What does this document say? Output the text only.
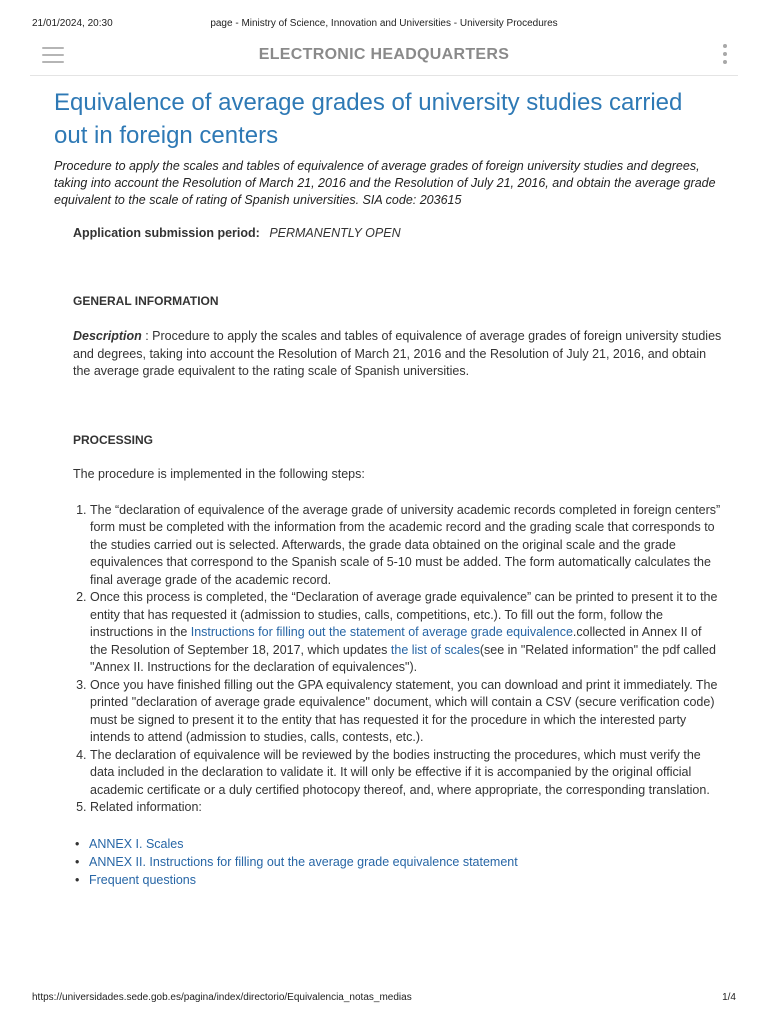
21/01/2024, 20:30	page - Ministry of Science, Innovation and Universities - University Procedures
ELECTRONIC HEADQUARTERS
Equivalence of average grades of university studies carried out in foreign centers

Procedure to apply the scales and tables of equivalence of average grades of foreign university studies and degrees, taking into account the Resolution of March 21, 2016 and the Resolution of July 21, 2016, and obtain the average grade equivalent to the scale of rating of Spanish universities. SIA code: 203615

Application submission period: PERMANENTLY OPEN
GENERAL INFORMATION

Description : Procedure to apply the scales and tables of equivalence of average grades of foreign university studies and degrees, taking into account the Resolution of March 21, 2016 and the Resolution of July 21, 2016, and obtain the average grade equivalent to the rating scale of Spanish universities.

PROCESSING

The procedure is implemented in the following steps:

1. The “declaration of equivalence of the average grade of university academic records completed in foreign centers” form must be completed with the information from the academic record and the grading scale that corresponds to the studies carried out is selected. Afterwards, the grade data obtained on the original scale and the grade equivalences that correspond to the Spanish scale of 5-10 must be added. The form automatically calculates the final average grade of the academic record.
2. Once this process is completed, the “Declaration of average grade equivalence” can be printed to present it to the entity that has requested it (admission to studies, calls, competitions, etc.). To fill out the form, follow the instructions in the Instructions for filling out the statement of average grade equivalence.collected in Annex II of the Resolution of September 18, 2017, which updates the list of scales(see in "Related information" the pdf called "Annex II. Instructions for the declaration of equivalences").
3. Once you have finished filling out the GPA equivalency statement, you can download and print it immediately. The printed "declaration of average grade equivalence" document, which will contain a CSV (secure verification code) must be signed to present it to the entity that has requested it for the procedure in which the interested party intends to attend (admission to studies, calls, contests, etc.).
4. The declaration of equivalence will be reviewed by the bodies instructing the procedures, which must verify the data included in the declaration to validate it. It will only be effective if it is accompanied by the original official academic certificate or a duly certified photocopy thereof, and, where appropriate, the corresponding translation.
5. Related information:
• ANNEX I. Scales
• ANNEX II. Instructions for filling out the average grade equivalence statement
• Frequent questions
https://universidades.sede.gob.es/pagina/index/directorio/Equivalencia_notas_medias	1/4
